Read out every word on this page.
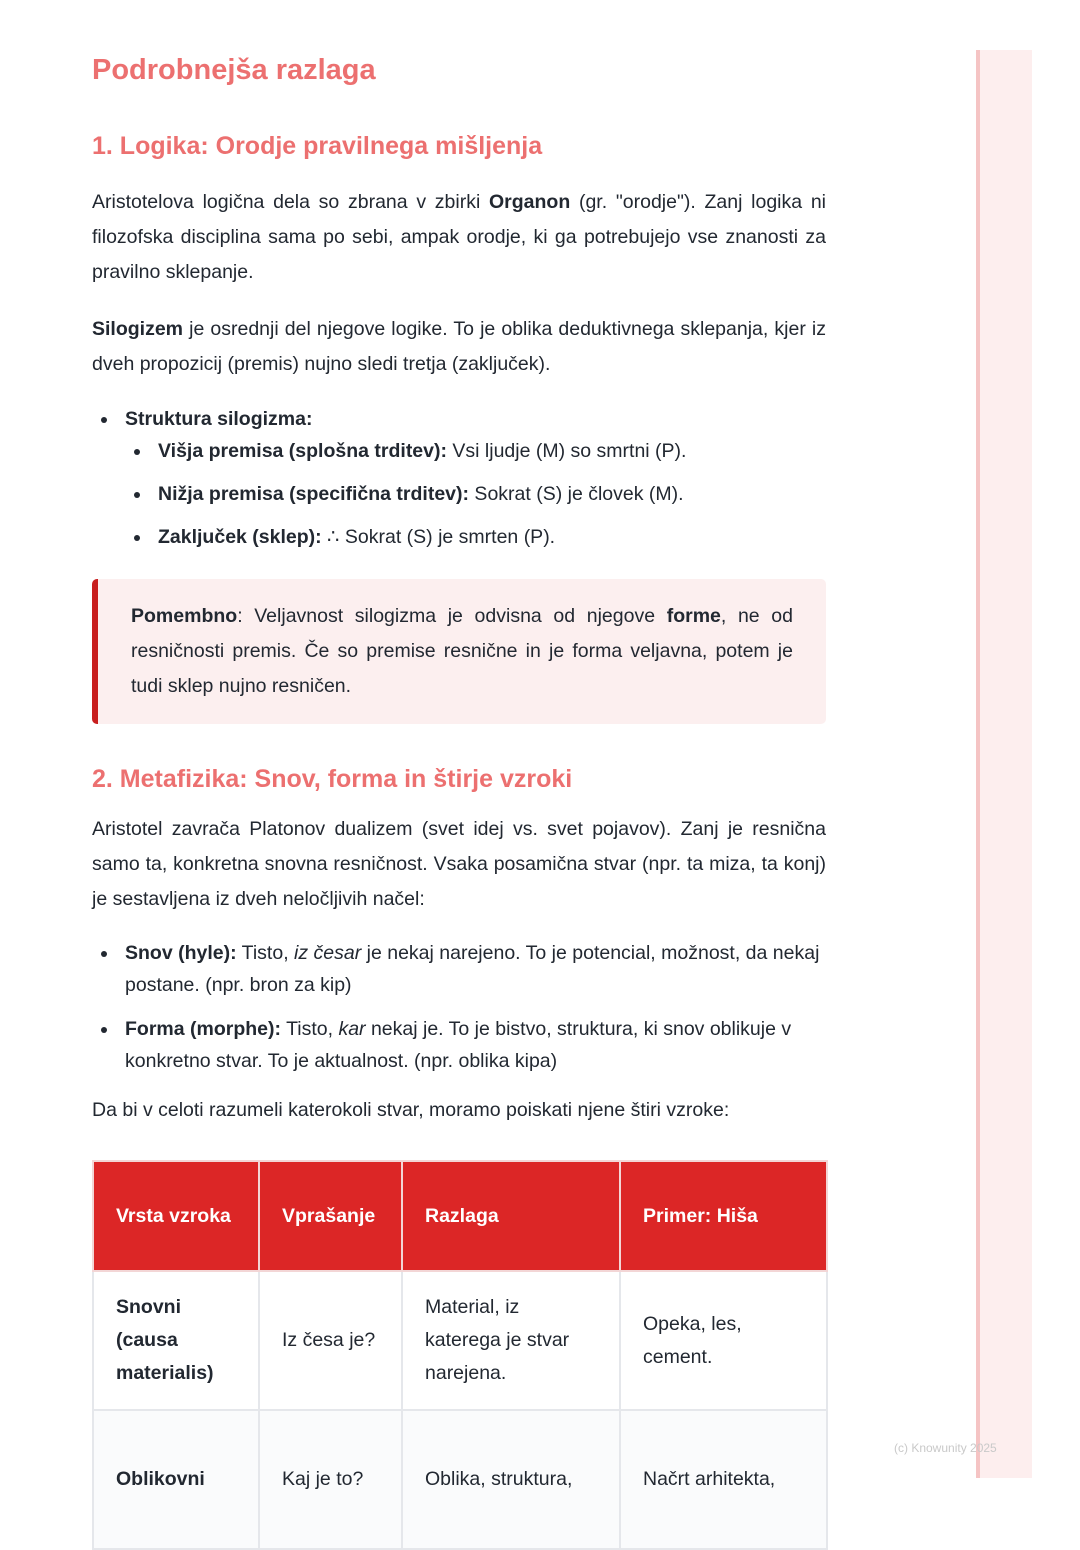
Podrobnejša razlaga
1. Logika: Orodje pravilnega mišljenja

Aristotelova logična dela so zbrana v zbirki Organon (gr. "orodje"). Zanj logika ni filozofska disciplina sama po sebi, ampak orodje, ki ga potrebujejo vse znanosti za pravilno sklepanje.

Silogizem je osrednji del njegove logike. To je oblika deduktivnega sklepanja, kjer iz dveh propozicij (premis) nujno sledi tretja (zaključek).

Struktura silogizma:
Višja premisa (splošna trditev): Vsi ljudje (M) so smrtni (P).
Nižja premisa (specifična trditev): Sokrat (S) je človek (M).
Zaključek (sklep): ∴ Sokrat (S) je smrten (P).

Pomembno: Veljavnost silogizma je odvisna od njegove forme, ne od resničnosti premis. Če so premise resnične in je forma veljavna, potem je tudi sklep nujno resničen.

2. Metafizika: Snov, forma in štirje vzroki

Aristotel zavrača Platonov dualizem (svet idej vs. svet pojavov). Zanj je resnična samo ta, konkretna snovna resničnost. Vsaka posamična stvar (npr. ta miza, ta konj) je sestavljena iz dveh neločljivih načel:

Snov (hyle): Tisto, iz česar je nekaj narejeno. To je potencial, možnost, da nekaj postane. (npr. bron za kip)
Forma (morphe): Tisto, kar nekaj je. To je bistvo, struktura, ki snov oblikuje v konkretno stvar. To je aktualnost. (npr. oblika kipa)

Da bi v celoti razumeli katerokoli stvar, moramo poiskati njene štiri vzroke:

Vrsta vzroka	Vprašanje	Razlaga	Primer: Hiša
Snovni (causa materialis)	Iz česa je?	Material, iz katerega je stvar narejena.	Opeka, les, cement.
Oblikovni	Kaj je to?	Oblika, struktura,	Načrt arhitekta,
(c) Knowunity 2025
